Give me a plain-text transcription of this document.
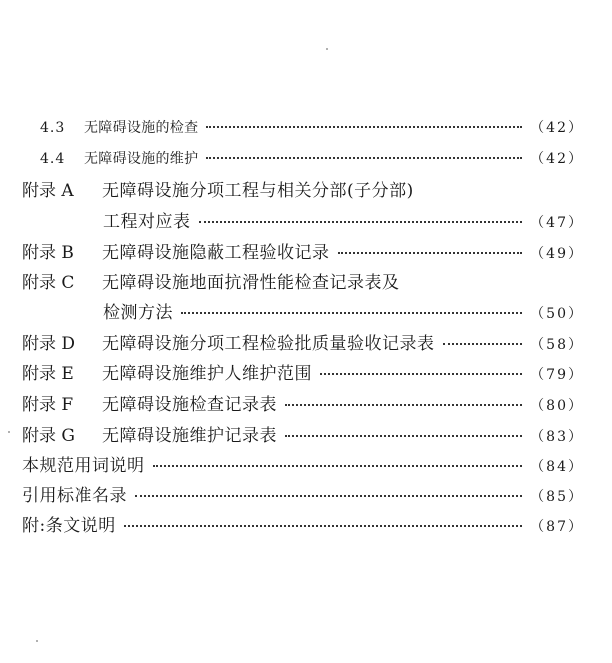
4.3	无障碍设施的检查	（42）
4.4	无障碍设施的维护	（42）
附录 A	无障碍设施分项工程与相关分部(子分部)
工程对应表	（47）
附录 B	无障碍设施隐蔽工程验收记录	（49）
附录 C	无障碍设施地面抗滑性能检查记录表及
检测方法	（50）
附录 D	无障碍设施分项工程检验批质量验收记录表	（58）
附录 E	无障碍设施维护人维护范围	（79）
附录 F	无障碍设施检查记录表	（80）
附录 G	无障碍设施维护记录表	（83）
本规范用词说明	（84）
引用标准名录	（85）
附:条文说明	（87）
